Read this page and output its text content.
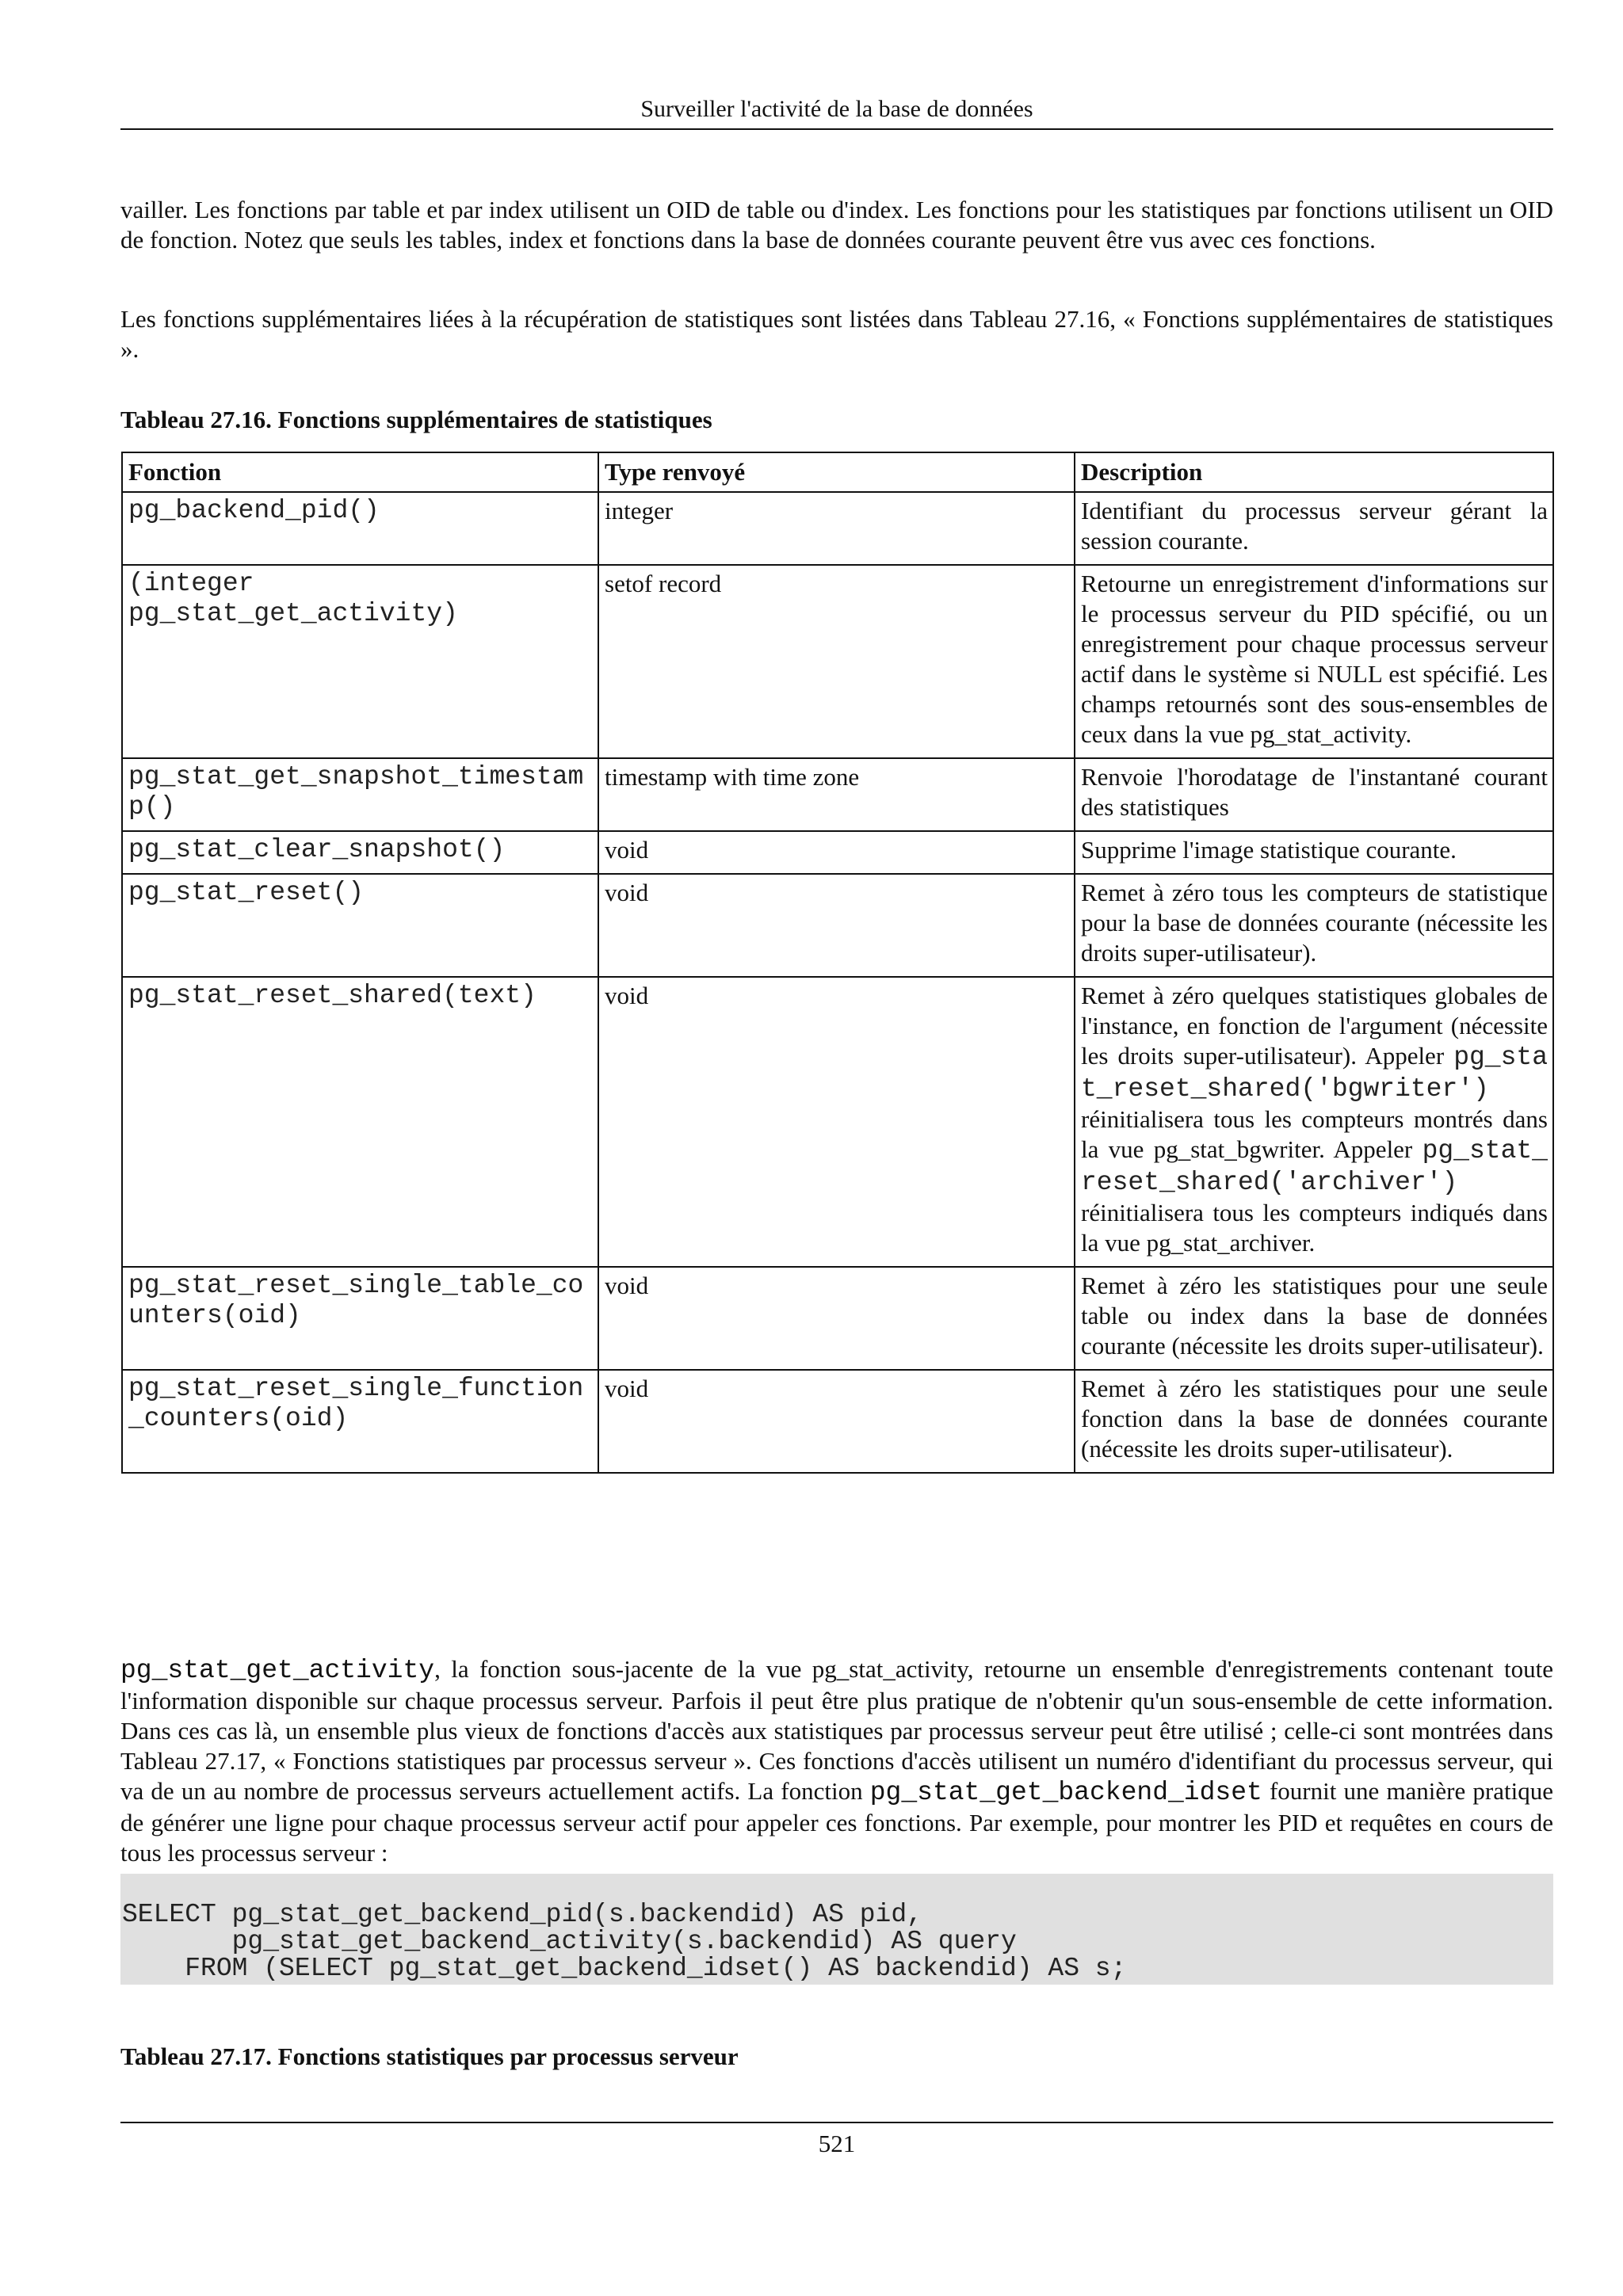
Surveiller l'activité de la base de données
vailler. Les fonctions par table et par index utilisent un OID de table ou d'index. Les fonctions pour les statistiques par fonctions utilisent un OID de fonction. Notez que seuls les tables, index et fonctions dans la base de données courante peuvent être vus avec ces fonctions.
Les fonctions supplémentaires liées à la récupération de statistiques sont listées dans Tableau 27.16, « Fonctions supplémentaires de statistiques ».
Tableau 27.16. Fonctions supplémentaires de statistiques
Fonction	Type renvoyé	Description
pg_backend_pid()	integer	Identifiant du processus serveur gérant la session courante.
(integer pg_stat_get_activity)	setof record	Retourne un enregistrement d'informations sur le processus serveur du PID spécifié, ou un enregistrement pour chaque processus serveur actif dans le système si NULL est spécifié. Les champs retournés sont des sous-ensembles de ceux dans la vue pg_stat_activity.
pg_stat_get_snapshot_timestamp()	timestamp with time zone	Renvoie l'horodatage de l'instantané courant des statistiques
pg_stat_clear_snapshot()	void	Supprime l'image statistique courante.
pg_stat_reset()	void	Remet à zéro tous les compteurs de statistique pour la base de données courante (nécessite les droits super-utilisateur).
pg_stat_reset_shared(text)	void	Remet à zéro quelques statistiques globales de l'instance, en fonction de l'argument (nécessite les droits super-utilisateur). Appeler pg_stat_reset_shared('bgwriter') réinitialisera tous les compteurs montrés dans la vue pg_stat_bgwriter. Appeler pg_stat_reset_shared('archiver') réinitialisera tous les compteurs indiqués dans la vue pg_stat_archiver.
pg_stat_reset_single_table_counters(oid)	void	Remet à zéro les statistiques pour une seule table ou index dans la base de données courante (nécessite les droits super-utilisateur).
pg_stat_reset_single_function_counters(oid)	void	Remet à zéro les statistiques pour une seule fonction dans la base de données courante (nécessite les droits super-utilisateur).
pg_stat_get_activity, la fonction sous-jacente de la vue pg_stat_activity, retourne un ensemble d'enregistrements contenant toute l'information disponible sur chaque processus serveur. Parfois il peut être plus pratique de n'obtenir qu'un sous-ensemble de cette information. Dans ces cas là, un ensemble plus vieux de fonctions d'accès aux statistiques par processus serveur peut être utilisé ; celle-ci sont montrées dans Tableau 27.17, « Fonctions statistiques par processus serveur ». Ces fonctions d'accès utilisent un numéro d'identifiant du processus serveur, qui va de un au nombre de processus serveurs actuellement actifs. La fonction pg_stat_get_backend_idset fournit une manière pratique de générer une ligne pour chaque processus serveur actif pour appeler ces fonctions. Par exemple, pour montrer les PID et requêtes en cours de tous les processus serveur :
SELECT pg_stat_get_backend_pid(s.backendid) AS pid,
pg_stat_get_backend_activity(s.backendid) AS query
FROM (SELECT pg_stat_get_backend_idset() AS backendid) AS s;
Tableau 27.17. Fonctions statistiques par processus serveur
521
